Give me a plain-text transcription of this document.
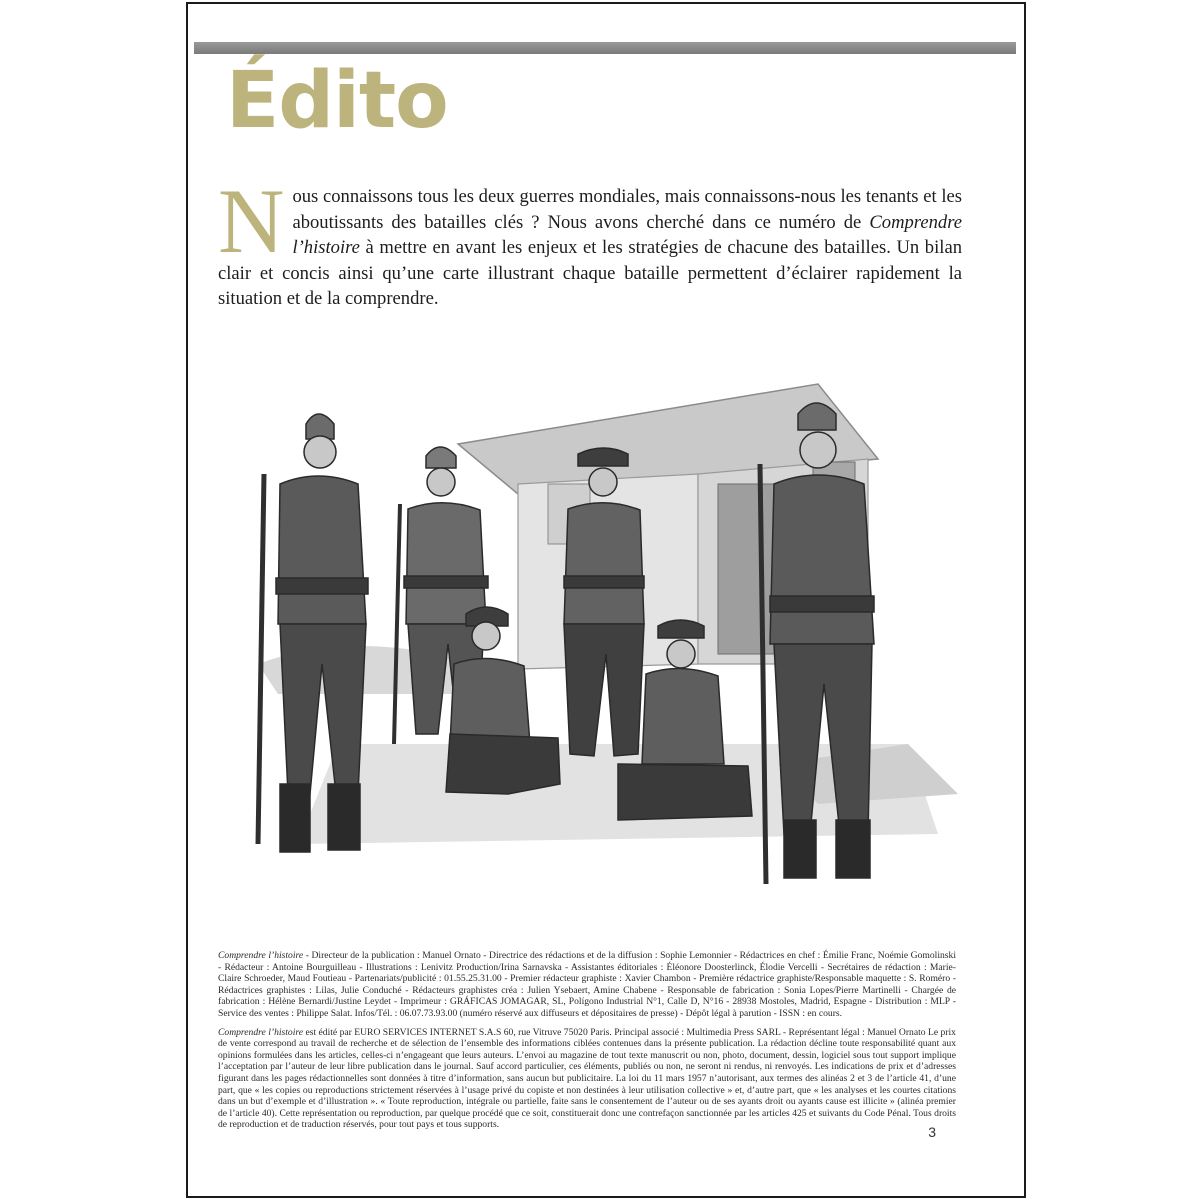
Édito
Nous connaissons tous les deux guerres mondiales, mais connaissons-nous les tenants et les aboutissants des batailles clés ? Nous avons cherché dans ce numéro de Comprendre l’histoire à mettre en avant les enjeux et les stratégies de chacune des batailles. Un bilan clair et concis ainsi qu’une carte illustrant chaque bataille permettent d’éclairer rapidement la situation et de la comprendre.

Comprendre l’histoire - Directeur de la publication : Manuel Ornato - Directrice des rédactions et de la diffusion : Sophie Lemonnier - Rédactrices en chef : Émilie Franc, Noémie Gomolinski - Rédacteur : Antoine Bourguilleau - Illustrations : Lenivitz Production/Irina Sarnavska - Assistantes éditoriales : Éléonore Doosterlinck, Élodie Vercelli - Secrétaires de rédaction : Marie-Claire Schroeder, Maud Foutieau - Partenariats/publicité : 01.55.25.31.00 - Premier rédacteur graphiste : Xavier Chambon - Première rédactrice graphiste/Responsable maquette : S. Roméro - Rédactrices graphistes : Lilas, Julie Conduché - Rédacteurs graphistes créa : Julien Ysebaert, Amine Chabene - Responsable de fabrication : Sonia Lopes/Pierre Martinelli - Chargée de fabrication : Hélène Bernardi/Justine Leydet - Imprimeur : GRÁFICAS JOMAGAR, SL, Polígono Industrial N°1, Calle D, N°16 - 28938 Mostoles, Madrid, Espagne - Distribution : MLP - Service des ventes : Philippe Salat. Infos/Tél. : 06.07.73.93.00 (numéro réservé aux diffuseurs et dépositaires de presse) - Dépôt légal à parution - ISSN : en cours.

Comprendre l’histoire est édité par EURO SERVICES INTERNET S.A.S 60, rue Vitruve 75020 Paris. Principal associé : Multimedia Press SARL - Représentant légal : Manuel Ornato Le prix de vente correspond au travail de recherche et de sélection de l’ensemble des informations ciblées contenues dans la présente publication. La rédaction décline toute responsabilité quant aux opinions formulées dans les articles, celles-ci n’engageant que leurs auteurs. L’envoi au magazine de tout texte manuscrit ou non, photo, document, dessin, logiciel sous tout support implique l’acceptation par l’auteur de leur libre publication dans le journal. Sauf accord particulier, ces éléments, publiés ou non, ne seront ni rendus, ni renvoyés. Les indications de prix et d’adresses figurant dans les pages rédactionnelles sont données à titre d’information, sans aucun but publicitaire. La loi du 11 mars 1957 n’autorisant, aux termes des alinéas 2 et 3 de l’article 41, d’une part, que « les copies ou reproductions strictement réservées à l’usage privé du copiste et non destinées à leur utilisation collective » et, d’autre part, que « les analyses et les courtes citations dans un but d’exemple et d’illustration ». « Toute reproduction, intégrale ou partielle, faite sans le consentement de l’auteur ou de ses ayants droit ou ayants cause est illicite » (alinéa premier de l’article 40). Cette représentation ou reproduction, par quelque procédé que ce soit, constituerait donc une contrefaçon sanctionnée par les articles 425 et suivants du Code Pénal. Tous droits de reproduction et de traduction réservés, pour tout pays et tous supports.	3
